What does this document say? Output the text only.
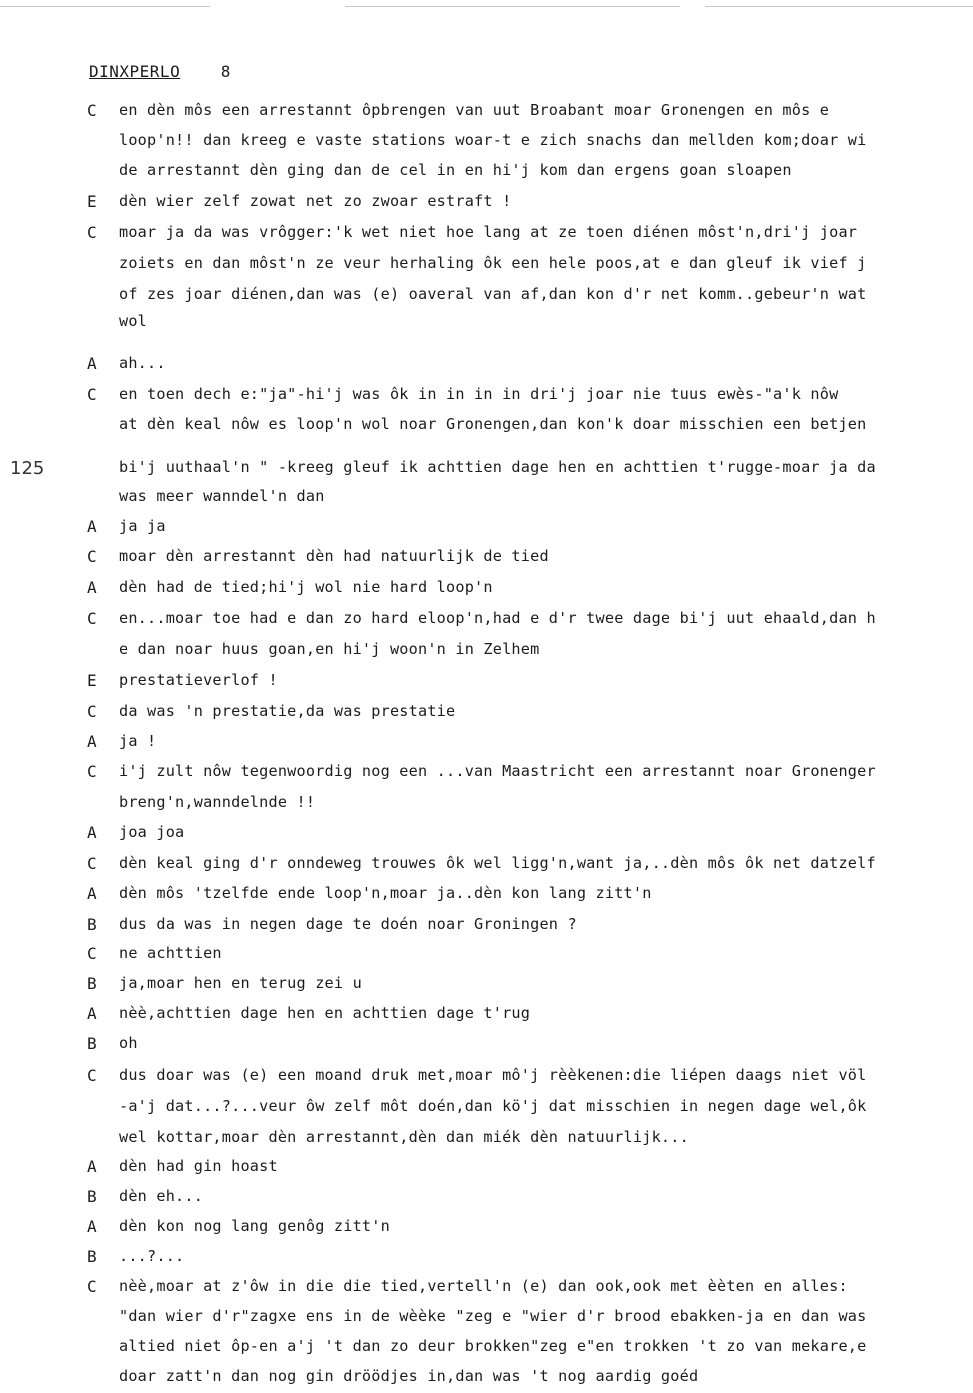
DINXPERLO	8
125
C en dèn môs een arrestannt ôpbrengen van uut Broabant moar Gronengen en môs e
loop'n!! dan kreeg e vaste stations woar-t e zich snachs dan mellden kom;doar wi
de arrestannt dèn ging dan de cel in en hi'j kom dan ergens goan sloapen
E dèn wier zelf zowat net zo zwoar estraft !
C moar ja da was vrôgger:'k wet niet hoe lang at ze toen diénen môst'n,dri'j joar
zoiets en dan môst'n ze veur herhaling ôk een hele poos,at e dan gleuf ik vief j
of zes joar diénen,dan was (e) oaveral van af,dan kon d'r net komm..gebeur'n wat
wol
A ah...
C en toen dech e:"ja"-hi'j was ôk in in in in dri'j joar nie tuus ewès-"a'k nôw
at dèn keal nôw es loop'n wol noar Gronengen,dan kon'k doar misschien een betjen
bi'j uuthaal'n " -kreeg gleuf ik achttien dage hen en achttien t'rugge-moar ja da
was meer wanndel'n dan
A ja ja
C moar dèn arrestannt dèn had natuurlijk de tied
A dèn had de tied;hi'j wol nie hard loop'n
C en...moar toe had e dan zo hard eloop'n,had e d'r twee dage bi'j uut ehaald,dan h
e dan noar huus goan,en hi'j woon'n in Zelhem
E prestatieverlof !
C da was 'n prestatie,da was prestatie
A ja !
C i'j zult nôw tegenwoordig nog een ...van Maastricht een arrestannt noar Gronenger
breng'n,wanndelnde !!
A joa joa
C dèn keal ging d'r onndeweg trouwes ôk wel ligg'n,want ja,..dèn môs ôk net datzelf
A dèn môs 'tzelfde ende loop'n,moar ja..dèn kon lang zitt'n
B dus da was in negen dage te doén noar Groningen ?
C ne achttien
B ja,moar hen en terug zei u
A nèè,achttien dage hen en achttien dage t'rug
B oh
C dus doar was (e) een moand druk met,moar mô'j rèèkenen:die liépen daags niet völ
-a'j dat...?...veur ôw zelf môt doén,dan kö'j dat misschien in negen dage wel,ôk
wel kottar,moar dèn arrestannt,dèn dan miék dèn natuurlijk...
A dèn had gin hoast
B dèn eh...
A dèn kon nog lang genôg zitt'n
B ...?...
C nèè,moar at z'ôw in die die tied,vertell'n (e) dan ook,ook met èèten en alles:
"dan wier d'r"zagxe ens in de wèèke "zeg e "wier d'r brood ebakken-ja en dan was
altied niet ôp-en a'j 't dan zo deur brokken"zeg e"en trokken 't zo van mekare,e
doar zatt'n dan nog gin dröödjes in,dan was 't nog aardig goéd
